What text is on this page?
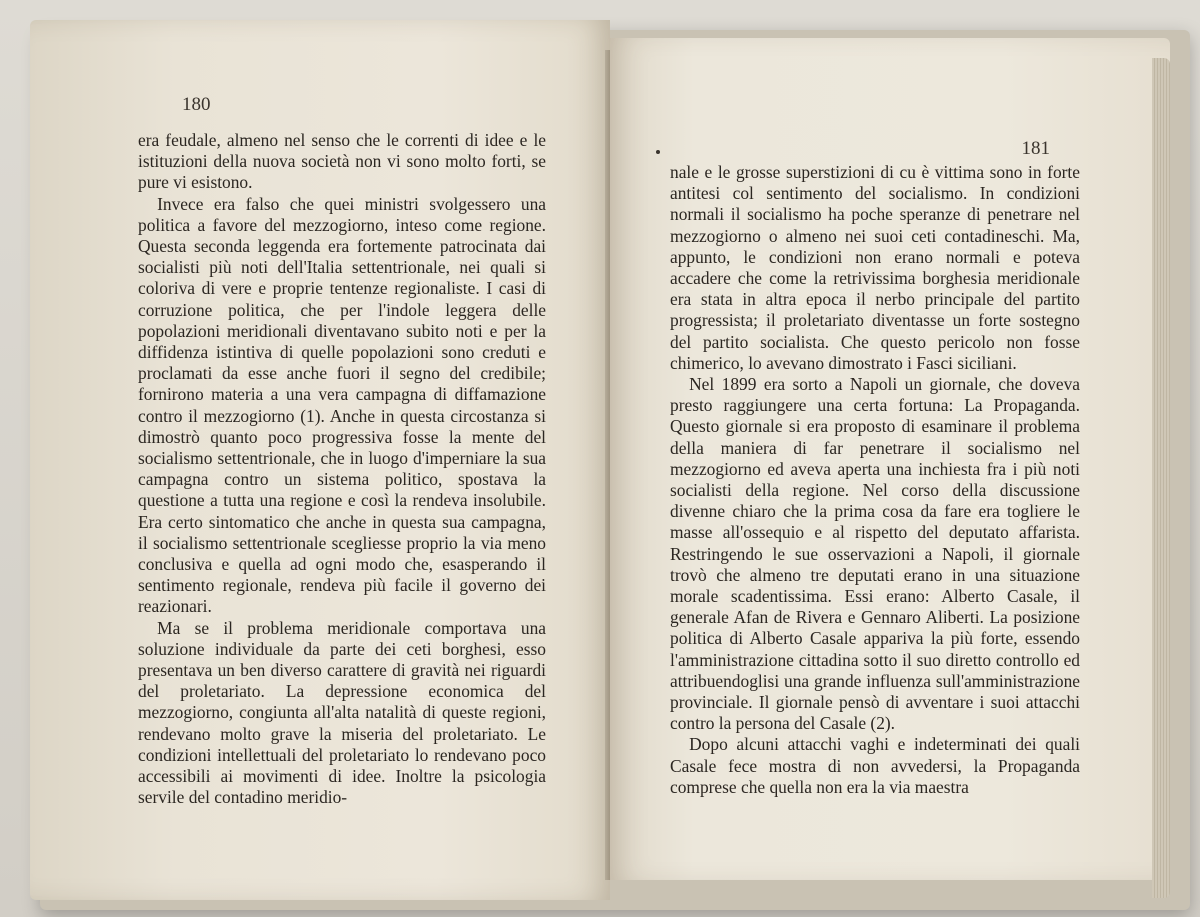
180

era feudale, almeno nel senso che le correnti di idee e le istituzioni della nuova società non vi sono molto forti, se pure vi esistono.

Invece era falso che quei ministri svolgessero una politica a favore del mezzogiorno, inteso come regione. Questa seconda leggenda era fortemente patrocinata dai socialisti più noti dell'Italia settentrionale, nei quali si coloriva di vere e proprie tentenze regionaliste. I casi di corruzione politica, che per l'indole leggera delle popolazioni meridionali diventavano subito noti e per la diffidenza istintiva di quelle popolazioni sono creduti e proclamati da esse anche fuori il segno del credibile; fornirono materia a una vera campagna di diffamazione contro il mezzogiorno (1). Anche in questa circostanza si dimostrò quanto poco progressiva fosse la mente del socialismo settentrionale, che in luogo d'imperniare la sua campagna contro un sistema politico, spostava la questione a tutta una regione e così la rendeva insolubile. Era certo sintomatico che anche in questa sua campagna, il socialismo settentrionale scegliesse proprio la via meno conclusiva e quella ad ogni modo che, esasperando il sentimento regionale, rendeva più facile il governo dei reazionari.

Ma se il problema meridionale comportava una soluzione individuale da parte dei ceti borghesi, esso presentava un ben diverso carattere di gravità nei riguardi del proletariato. La depressione economica del mezzogiorno, congiunta all'alta natalità di queste regioni, rendevano molto grave la miseria del proletariato. Le condizioni intellettuali del proletariato lo rendevano poco accessibili ai movimenti di idee. Inoltre la psicologia servile del contadino meridio-

181

nale e le grosse superstizioni di cu è vittima sono in forte antitesi col sentimento del socialismo. In condizioni normali il socialismo ha poche speranze di penetrare nel mezzogiorno o almeno nei suoi ceti contadineschi. Ma, appunto, le condizioni non erano normali e poteva accadere che come la retrivissima borghesia meridionale era stata in altra epoca il nerbo principale del partito progressista; il proletariato diventasse un forte sostegno del partito socialista. Che questo pericolo non fosse chimerico, lo avevano dimostrato i Fasci siciliani.

Nel 1899 era sorto a Napoli un giornale, che doveva presto raggiungere una certa fortuna: La Propaganda. Questo giornale si era proposto di esaminare il problema della maniera di far penetrare il socialismo nel mezzogiorno ed aveva aperta una inchiesta fra i più noti socialisti della regione. Nel corso della discussione divenne chiaro che la prima cosa da fare era togliere le masse all'ossequio e al rispetto del deputato affarista. Restringendo le sue osservazioni a Napoli, il giornale trovò che almeno tre deputati erano in una situazione morale scadentissima. Essi erano: Alberto Casale, il generale Afan de Rivera e Gennaro Aliberti. La posizione politica di Alberto Casale appariva la più forte, essendo l'amministrazione cittadina sotto il suo diretto controllo ed attribuendoglisi una grande influenza sull'amministrazione provinciale. Il giornale pensò di avventare i suoi attacchi contro la persona del Casale (2).

Dopo alcuni attacchi vaghi e indeterminati dei quali Casale fece mostra di non avvedersi, la Propaganda comprese che quella non era la via maestra
